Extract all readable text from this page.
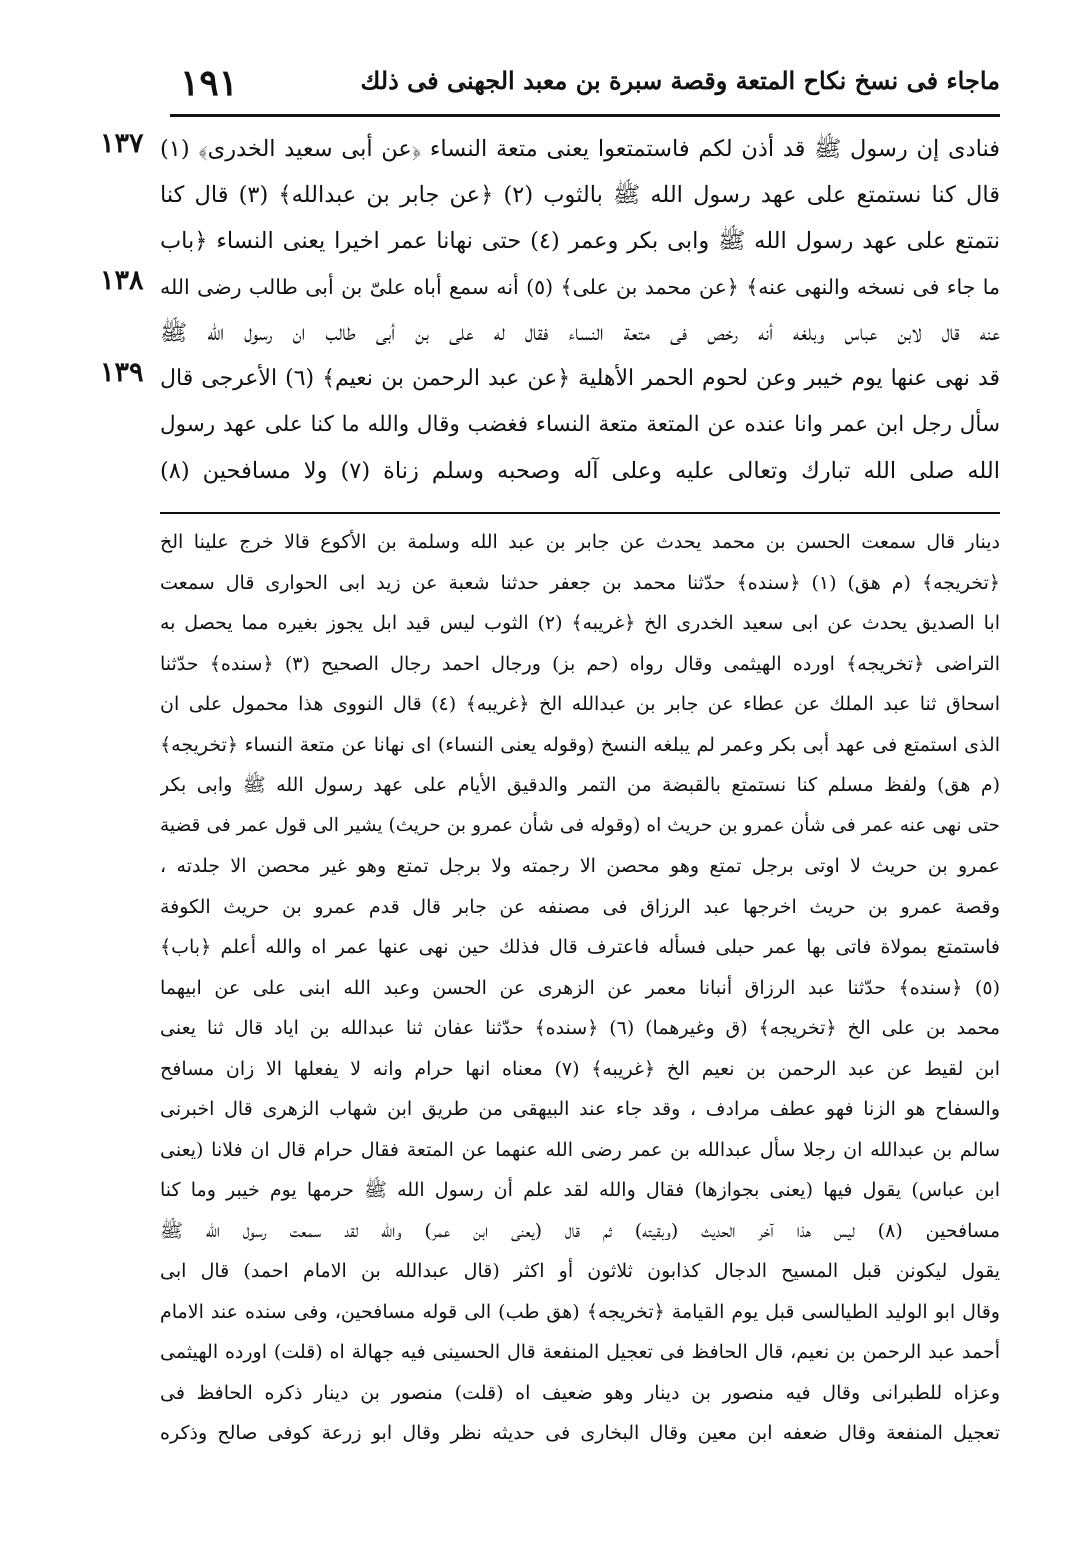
ماجاء فى نسخ نكاح المتعة وقصة سبرة بن معبد الجهنى فى ذلك
١٩١
١٣٧
١٣٨
١٣٩
فنادى إن رسول ﷺ قد أذن لكم فاستمتعوا يعنى متعة النساء ﴿عن أبى سعيد الخدرى﴾ (١)
قال كنا نستمتع على عهد رسول الله ﷺ بالثوب (٢) ﴿عن جابر بن عبدالله﴾ (٣) قال كنا
نتمتع على عهد رسول الله ﷺ وابى بكر وعمر (٤) حتى نهانا عمر اخيرا يعنى النساء ﴿باب
ما جاء فى نسخه والنهى عنه﴾ ﴿عن محمد بن على﴾ (٥) أنه سمع أباه علىّ بن أبى طالب رضى الله
عنه قال لابن عباس وبلغه أنه رخص فى متعة النساء فقال له على بن أبى طالب ان رسول الله ﷺ
قد نهى عنها يوم خيبر وعن لحوم الحمر الأهلية ﴿عن عبد الرحمن بن نعيم﴾ (٦) الأعرجى قال
سأل رجل ابن عمر وانا عنده عن المتعة متعة النساء فغضب وقال والله ما كنا على عهد رسول
الله صلى الله تبارك وتعالى عليه وعلى آله وصحبه وسلم زناة (٧) ولا مسافحين (٨)
دينار قال سمعت الحسن بن محمد يحدث عن جابر بن عبد الله وسلمة بن الأكوع قالا خرج علينا الخ
﴿تخريجه﴾ (م هق) (١) ﴿سنده﴾ حدّثنا محمد بن جعفر حدثنا شعبة عن زيد ابى الحوارى قال سمعت
ابا الصديق يحدث عن ابى سعيد الخدرى الخ ﴿غريبه﴾ (٢) الثوب ليس قيد ابل يجوز بغيره مما يحصل به
التراضى ﴿تخريجه﴾ اورده الهيثمى وقال رواه (حم بز) ورجال احمد رجال الصحيح (٣) ﴿سنده﴾ حدّثنا
اسحاق ثنا عبد الملك عن عطاء عن جابر بن عبدالله الخ ﴿غريبه﴾ (٤) قال النووى هذا محمول على ان
الذى استمتع فى عهد أبى بكر وعمر لم يبلغه النسخ (وقوله يعنى النساء) اى نهانا عن متعة النساء ﴿تخريجه﴾
(م هق) ولفظ مسلم كنا نستمتع بالقبضة من التمر والدقيق الأيام على عهد رسول الله ﷺ وابى بكر
حتى نهى عنه عمر فى شأن عمرو بن حريث اه (وقوله فى شأن عمرو بن حريث) يشير الى قول عمر فى قضية
عمرو بن حريث لا اوتى برجل تمتع وهو محصن الا رجمته ولا برجل تمتع وهو غير محصن الا جلدته ،
وقصة عمرو بن حريث اخرجها عبد الرزاق فى مصنفه عن جابر قال قدم عمرو بن حريث الكوفة
فاستمتع بمولاة فاتى بها عمر حبلى فسأله فاعترف قال فذلك حين نهى عنها عمر اه والله أعلم ﴿باب﴾
(٥) ﴿سنده﴾ حدّثنا عبد الرزاق أنبانا معمر عن الزهرى عن الحسن وعبد الله ابنى على عن ابيهما
محمد بن على الخ ﴿تخريجه﴾ (ق وغيرهما) (٦) ﴿سنده﴾ حدّثنا عفان ثنا عبدالله بن اياد قال ثنا يعنى
ابن لقيط عن عبد الرحمن بن نعيم الخ ﴿غريبه﴾ (٧) معناه انها حرام وانه لا يفعلها الا زان مسافح
والسفاح هو الزنا فهو عطف مرادف ، وقد جاء عند البيهقى من طريق ابن شهاب الزهرى قال اخبرنى
سالم بن عبدالله ان رجلا سأل عبدالله بن عمر رضى الله عنهما عن المتعة فقال حرام قال ان فلانا (يعنى
ابن عباس) يقول فيها (يعنى بجوازها) فقال والله لقد علم أن رسول الله ﷺ حرمها يوم خيبر وما كنا
مسافحين (٨) ليس هذا آخر الحديث (وبقيته) ثم قال (يعنى ابن عمر) والله لقد سمعت رسول الله ﷺ
يقول ليكونن قبل المسيح الدجال كذابون ثلاثون أو اكثر (قال عبدالله بن الامام احمد) قال ابى
وقال ابو الوليد الطيالسى قبل يوم القيامة ﴿تخريجه﴾ (هق طب) الى قوله مسافحين، وفى سنده عند الامام
أحمد عبد الرحمن بن نعيم، قال الحافظ فى تعجيل المنفعة قال الحسينى فيه جهالة اه (قلت) اورده الهيثمى
وعزاه للطبرانى وقال فيه منصور بن دينار وهو ضعيف اه (قلت) منصور بن دينار ذكره الحافظ فى
تعجيل المنفعة وقال ضعفه ابن معين وقال البخارى فى حديثه نظر وقال ابو زرعة كوفى صالح وذكره
